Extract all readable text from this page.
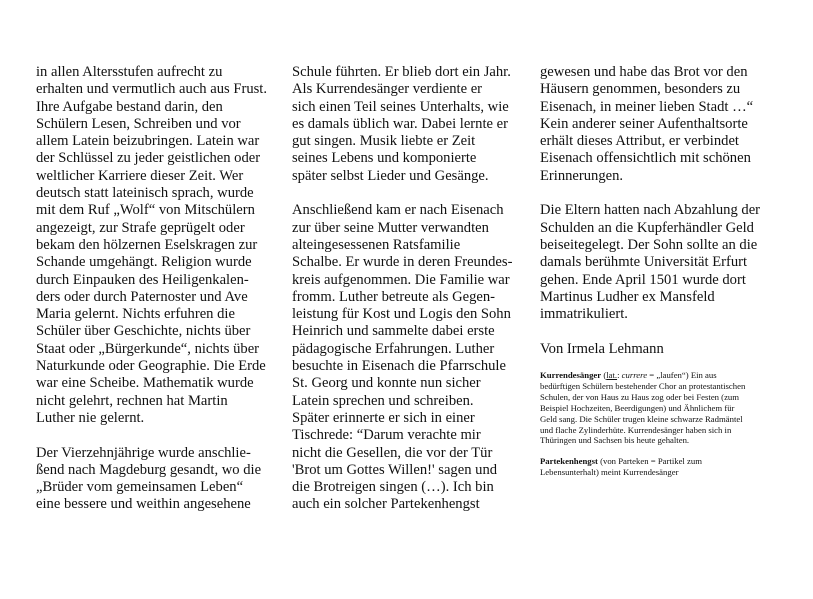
in allen Altersstufen aufrecht zu

erhalten und vermutlich auch aus Frust.

Ihre Aufgabe bestand darin, den

Schülern Lesen, Schreiben und vor

allem Latein beizubringen. Latein war

der Schlüssel zu jeder geistlichen oder

weltlicher Karriere dieser Zeit. Wer

deutsch statt lateinisch sprach, wurde

mit dem Ruf „Wolf“ von Mitschülern

angezeigt, zur Strafe geprügelt oder

bekam den hölzernen Eselskragen zur

Schande umgehängt. Religion wurde

durch Einpauken des Heiligenkalen-

ders oder durch Paternoster und Ave

Maria gelernt. Nichts erfuhren die

Schüler über Geschichte, nichts über

Staat oder „Bürgerkunde“, nichts über

Naturkunde oder Geographie. Die Erde

war eine Scheibe. Mathematik wurde

nicht gelehrt, rechnen hat Martin

Luther nie gelernt.

Der Vierzehnjährige wurde anschlie-

ßend nach Magdeburg gesandt, wo die

„Brüder vom gemeinsamen Leben“

eine bessere und weithin angesehene

Schule führten. Er blieb dort ein Jahr.

Als Kurrendesänger verdiente er

sich einen Teil seines Unterhalts, wie

es damals üblich war. Dabei lernte er

gut singen. Musik liebte er Zeit

seines Lebens und komponierte

später selbst Lieder und Gesänge.

Anschließend kam er nach Eisenach

zur über seine Mutter verwandten

alteingesessenen Ratsfamilie

Schalbe. Er wurde in deren Freundes-

kreis aufgenommen. Die Familie war

fromm. Luther betreute als Gegen-

leistung für Kost und Logis den Sohn

Heinrich und sammelte dabei erste

pädagogische Erfahrungen. Luther

besuchte in Eisenach die Pfarrschule

St. Georg und konnte nun sicher

Latein sprechen und schreiben.

Später erinnerte er sich in einer

Tischrede: “Darum verachte mir

nicht die Gesellen, die vor der Tür

'Brot um Gottes Willen!' sagen und

die Brotreigen singen (…). Ich bin

auch ein solcher Partekenhengst

gewesen und habe das Brot vor den

Häusern genommen, besonders zu

Eisenach, in meiner lieben Stadt …“

Kein anderer seiner Aufenthaltsorte

erhält dieses Attribut, er verbindet

Eisenach offensichtlich mit schönen

Erinnerungen.

Die Eltern hatten nach Abzahlung der

Schulden an die Kupferhändler Geld

beiseitegelegt. Der Sohn sollte an die

damals berühmte Universität Erfurt

gehen. Ende April 1501 wurde dort

Martinus Ludher ex Mansfeld

immatrikuliert.

Von Irmela Lehmann

Kurrendesänger (lat.: currere = „laufen“) Ein aus

bedürftigen Schülern bestehender Chor an protestantischen

Schulen, der von Haus zu Haus zog oder bei Festen (zum

Beispiel Hochzeiten, Beerdigungen) und Ähnlichem für

Geld sang. Die Schüler trugen kleine schwarze Radmäntel

und flache Zylinderhüte. Kurrendesänger haben sich in

Thüringen und Sachsen bis heute gehalten.

Partekenhengst (von Parteken = Partikel zum

Lebensunterhalt) meint Kurrendesänger
